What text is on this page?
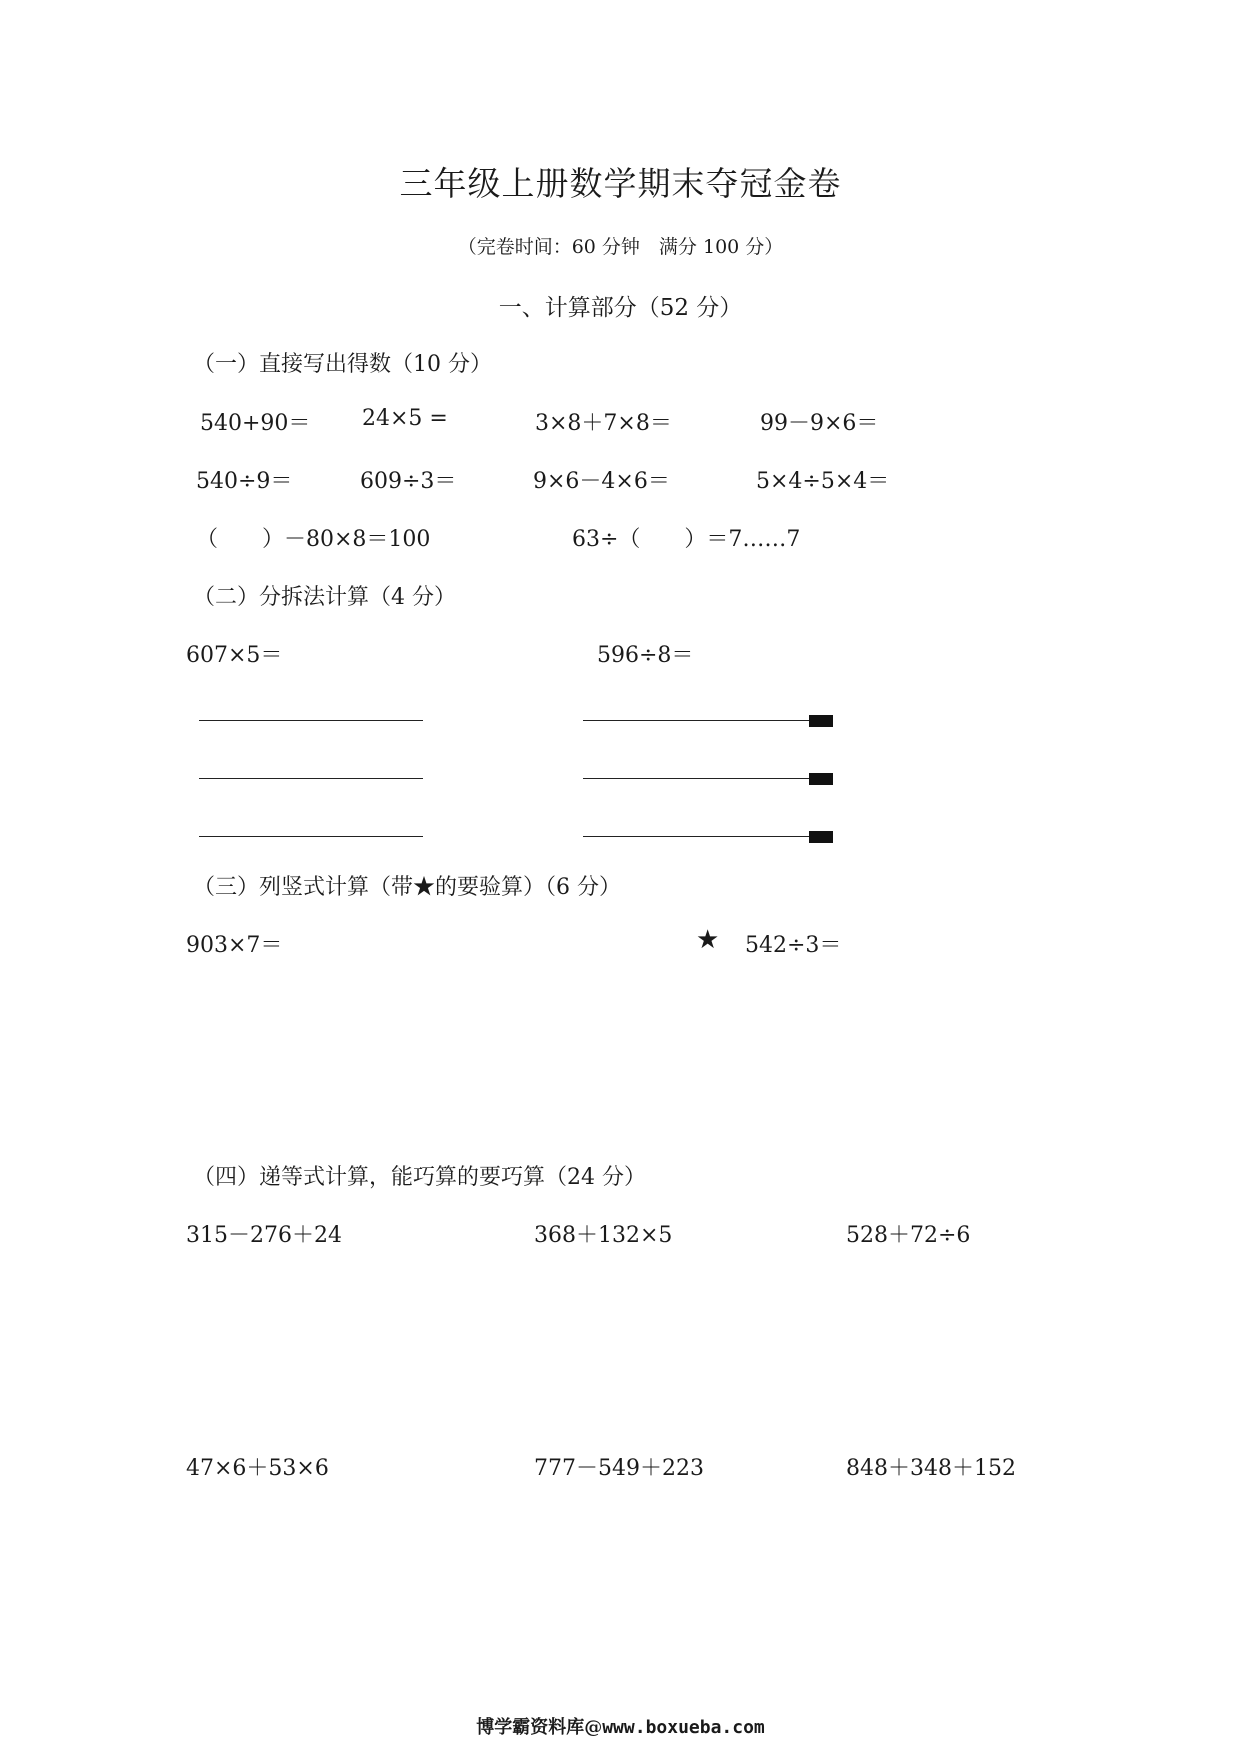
三年级上册数学期末夺冠金卷
（完卷时间：60 分钟　满分 100 分）
一、计算部分（52 分）
（一）直接写出得数（10 分）
540+90＝ 24×5 =	3×8＋7×8＝	99－9×6＝
540÷9＝	609÷3＝	9×6－4×6＝	5×4÷5×4＝
（　　）－80×8＝100	63÷（　　）＝7……7
（二）分拆法计算（4 分）
607×5＝	596÷8＝
（三）列竖式计算（带★的要验算）（6 分）
903×7＝	★ 542÷3＝
（四）递等式计算，能巧算的要巧算（24 分）
315－276＋24	368＋132×5	528＋72÷6
47×6＋53×6	777－549＋223	848＋348＋152
博学霸资料库@www.boxueba.com
